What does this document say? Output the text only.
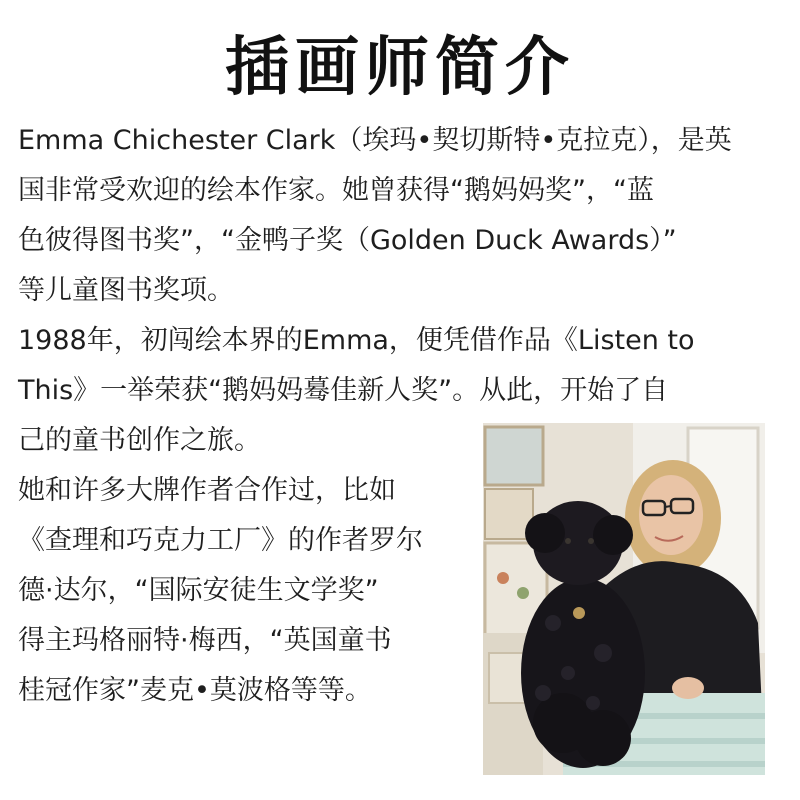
插画师简介
Emma Chichester Clark（埃玛•契切斯特•克拉克），是英
国非常受欢迎的绘本作家。她曾获得“鹅妈妈奖”，“蓝
色彼得图书奖”，“金鸭子奖（Golden Duck Awards）”
等儿童图书奖项。
1988年，初闯绘本界的Emma，便凭借作品《Listen to
This》一举荣获“鹅妈妈蓦佳新人奖”。从此，开始了自
己的童书创作之旅。
她和许多大牌作者合作过，比如
《查理和巧克力工厂》的作者罗尔
德·达尔，“国际安徒生文学奖”
得主玛格丽特·梅西，“英国童书
桂冠作家”麦克•莫波格等等。
